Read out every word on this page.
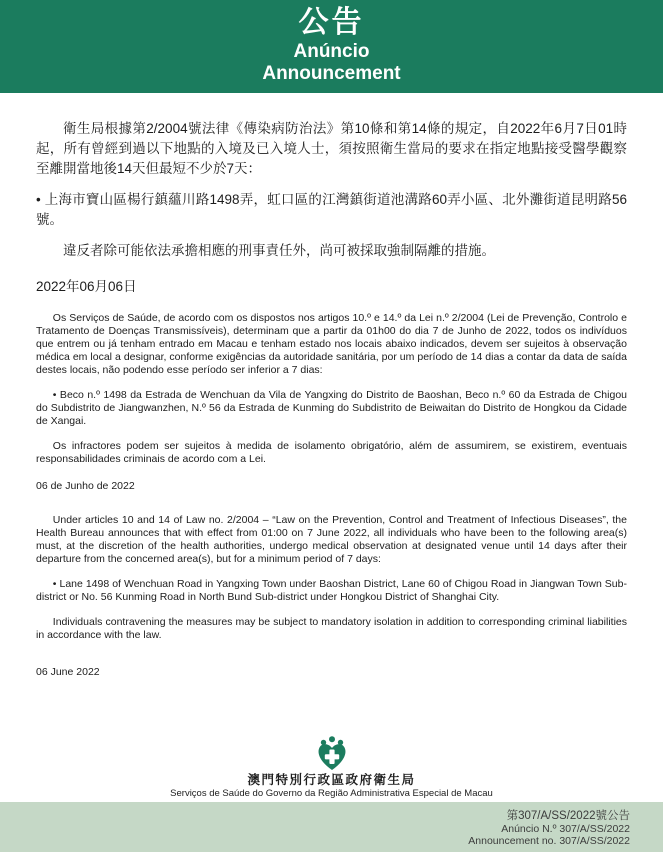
公告
Anúncio
Announcement

衛生局根據第2/2004號法律《傳染病防治法》第10條和第14條的規定，自2022年6月7日01時起，所有曾經到過以下地點的入境及已入境人士，須按照衛生當局的要求在指定地點接受醫學觀察至離開當地後14天但最短不少於7天：

• 上海市寶山區楊行鎮蘊川路1498弄，虹口區的江灣鎮街道池溝路60弄小區、北外灘街道昆明路56號。

違反者除可能依法承擔相應的刑事責任外，尚可被採取強制隔離的措施。

2022年06月06日

Os Serviços de Saúde, de acordo com os dispostos nos artigos 10.º e 14.º da Lei n.º 2/2004 (Lei de Prevenção, Controlo e Tratamento de Doenças Transmissíveis), determinam que a partir da 01h00 do dia 7 de Junho de 2022, todos os indivíduos que entrem ou já tenham entrado em Macau e tenham estado nos locais abaixo indicados, devem ser sujeitos à observação médica em local a designar, conforme exigências da autoridade sanitária, por um período de 14 dias a contar da data de saída destes locais, não podendo esse período ser inferior a 7 dias:

• Beco n.º 1498 da Estrada de Wenchuan da Vila de Yangxing do Distrito de Baoshan, Beco n.º 60 da Estrada de Chigou do Subdistrito de Jiangwanzhen, N.º 56 da Estrada de Kunming do Subdistrito de Beiwaitan do Distrito de Hongkou da Cidade de Xangai.

Os infractores podem ser sujeitos à medida de isolamento obrigatório, além de assumirem, se existirem, eventuais responsabilidades criminais de acordo com a Lei.

06 de Junho de 2022

Under articles 10 and 14 of Law no. 2/2004 – “Law on the Prevention, Control and Treatment of Infectious Diseases”, the Health Bureau announces that with effect from 01:00 on 7 June 2022, all individuals who have been to the following area(s) must, at the discretion of the health authorities, undergo medical observation at designated venue until 14 days after their departure from the concerned area(s), but for a minimum period of 7 days:

• Lane 1498 of Wenchuan Road in Yangxing Town under Baoshan District, Lane 60 of Chigou Road in Jiangwan Town Sub-district or No. 56 Kunming Road in North Bund Sub-district under Hongkou District of Shanghai City.

Individuals contravening the measures may be subject to mandatory isolation in addition to corresponding criminal liabilities in accordance with the law.

06 June 2022

澳門特別行政區政府衛生局
Serviços de Saúde do Governo da Região Administrativa Especial de Macau
第307/A/SS/2022號公告
Anúncio N.º 307/A/SS/2022
Announcement no. 307/A/SS/2022
